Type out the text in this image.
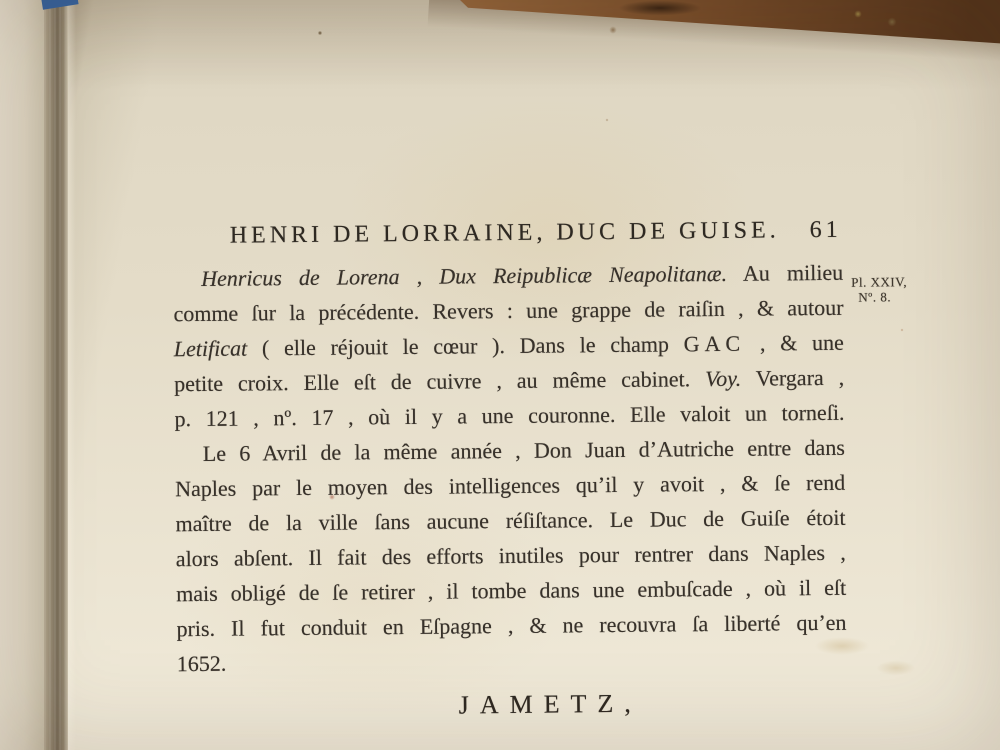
HENRI DE LORRAINE, DUC DE GUISE. 61
Pl. XXIV,
Nº. 8.
Henricus de Lorena , Dux Reipublicæ Neapolitanæ. Au milieu
comme ſur la précédente. Revers : une grappe de raiſin , & autour
Letificat ( elle réjouit le cœur ). Dans le champ GAC , & une
petite croix. Elle eſt de cuivre , au même cabinet. Voy. Vergara ,
p. 121 , nº. 17 , où il y a une couronne. Elle valoit un torneſi.
Le 6 Avril de la même année , Don Juan d’Autriche entre dans
Naples par le moyen des intelligences qu’il y avoit , & ſe rend
maître de la ville ſans aucune réſiſtance. Le Duc de Guiſe étoit
alors abſent. Il fait des efforts inutiles pour rentrer dans Naples ,
mais obligé de ſe retirer , il tombe dans une embuſcade , où il eſt
pris. Il fut conduit en Eſpagne , & ne recouvra ſa liberté qu’en
1652.
JAMETZ,
